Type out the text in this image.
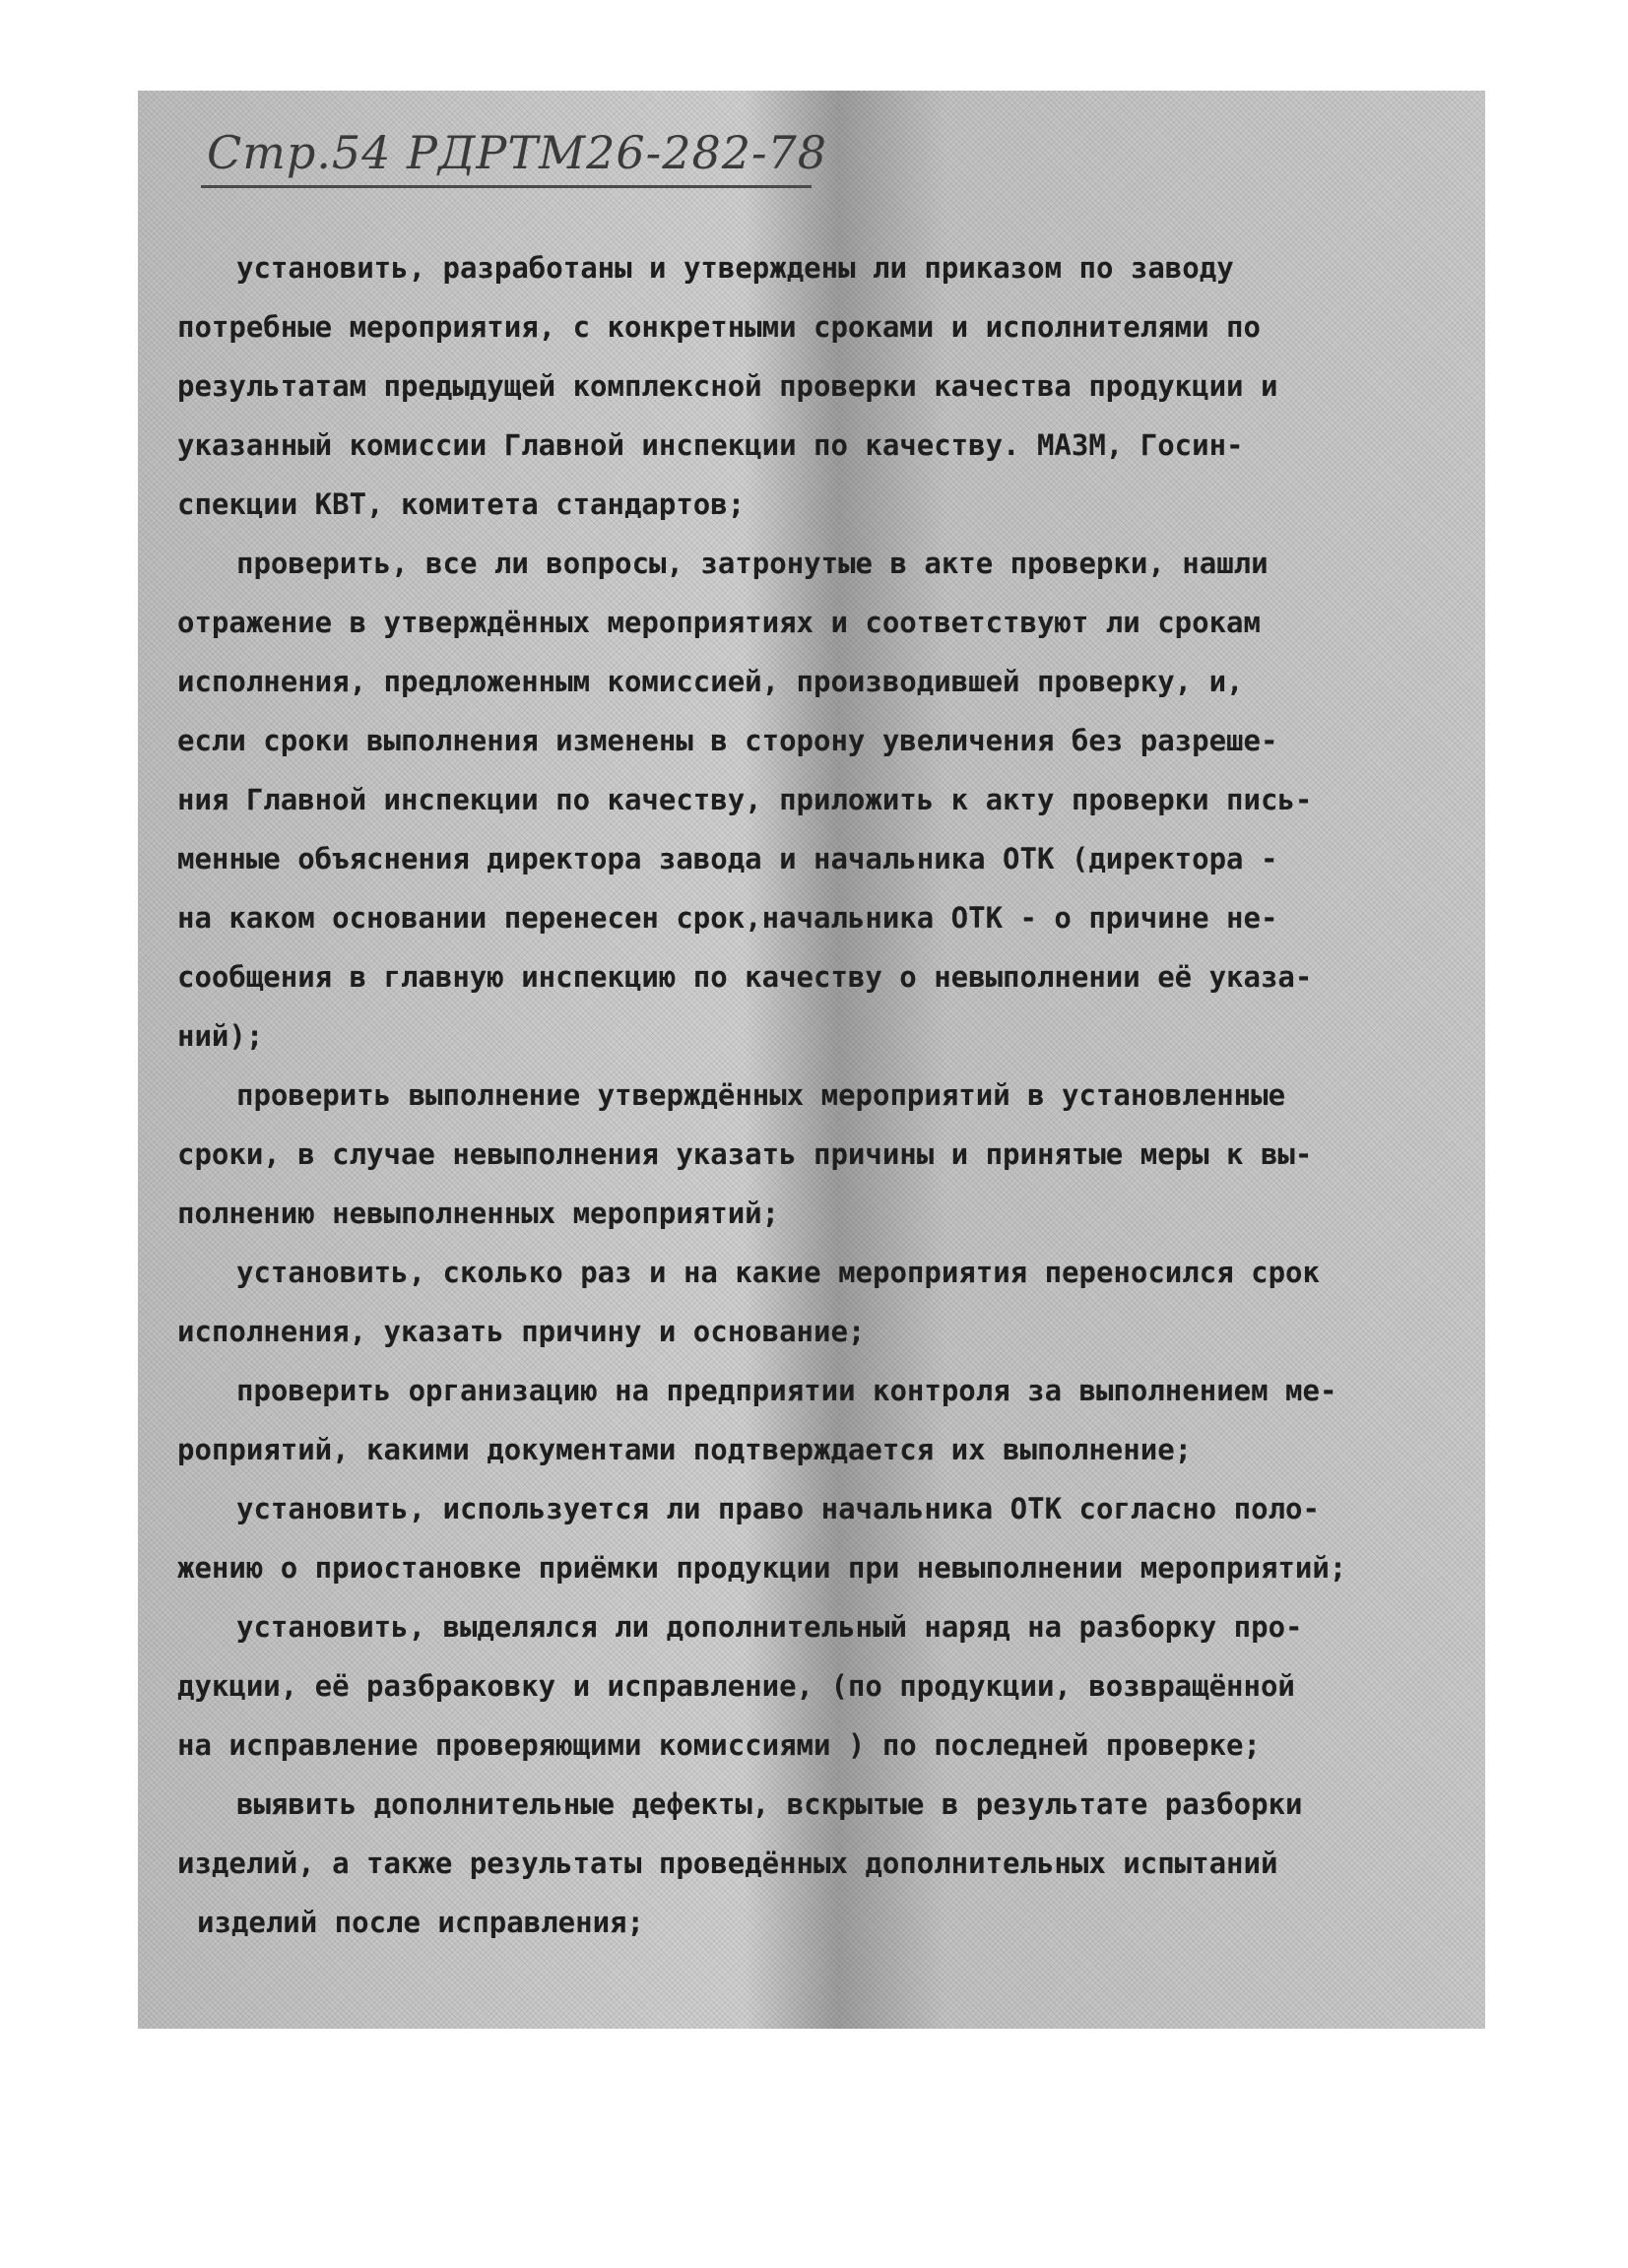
Стр.54 РДРТМ26-282-78
установить, разработаны и утверждены ли приказом по заводу
потребные мероприятия, с конкретными сроками и исполнителями по
результатам предыдущей комплексной проверки качества продукции и
указанный комиссии Главной инспекции по качеству. МАЗМ, Госин-
спекции КВТ, комитета стандартов;
проверить, все ли вопросы, затронутые в акте проверки, нашли
отражение в утверждённых мероприятиях и соответствуют ли срокам
исполнения, предложенным комиссией, производившей проверку, и,
если сроки выполнения изменены в сторону увеличения без разреше-
ния Главной инспекции по качеству, приложить к акту проверки пись-
менные объяснения директора завода и начальника ОТК (директора -
на каком основании перенесен срок,начальника ОТК - о причине не-
сообщения в главную инспекцию по качеству о невыполнении её указа-
ний);
проверить выполнение утверждённых мероприятий в установленные
сроки, в случае невыполнения указать причины и принятые меры к вы-
полнению невыполненных мероприятий;
установить, сколько раз и на какие мероприятия переносился срок
исполнения, указать причину и основание;
проверить организацию на предприятии контроля за выполнением ме-
роприятий, какими документами подтверждается их выполнение;
установить, используется ли право начальника ОТК согласно поло-
жению о приостановке приёмки продукции при невыполнении мероприятий;
установить, выделялся ли дополнительный наряд на разборку про-
дукции, её разбраковку и исправление, (по продукции, возвращённой
на исправление проверяющими комиссиями ) по последней проверке;
выявить дополнительные дефекты, вскрытые в результате разборки
изделий, а также результаты проведённых дополнительных испытаний
изделий после исправления;
